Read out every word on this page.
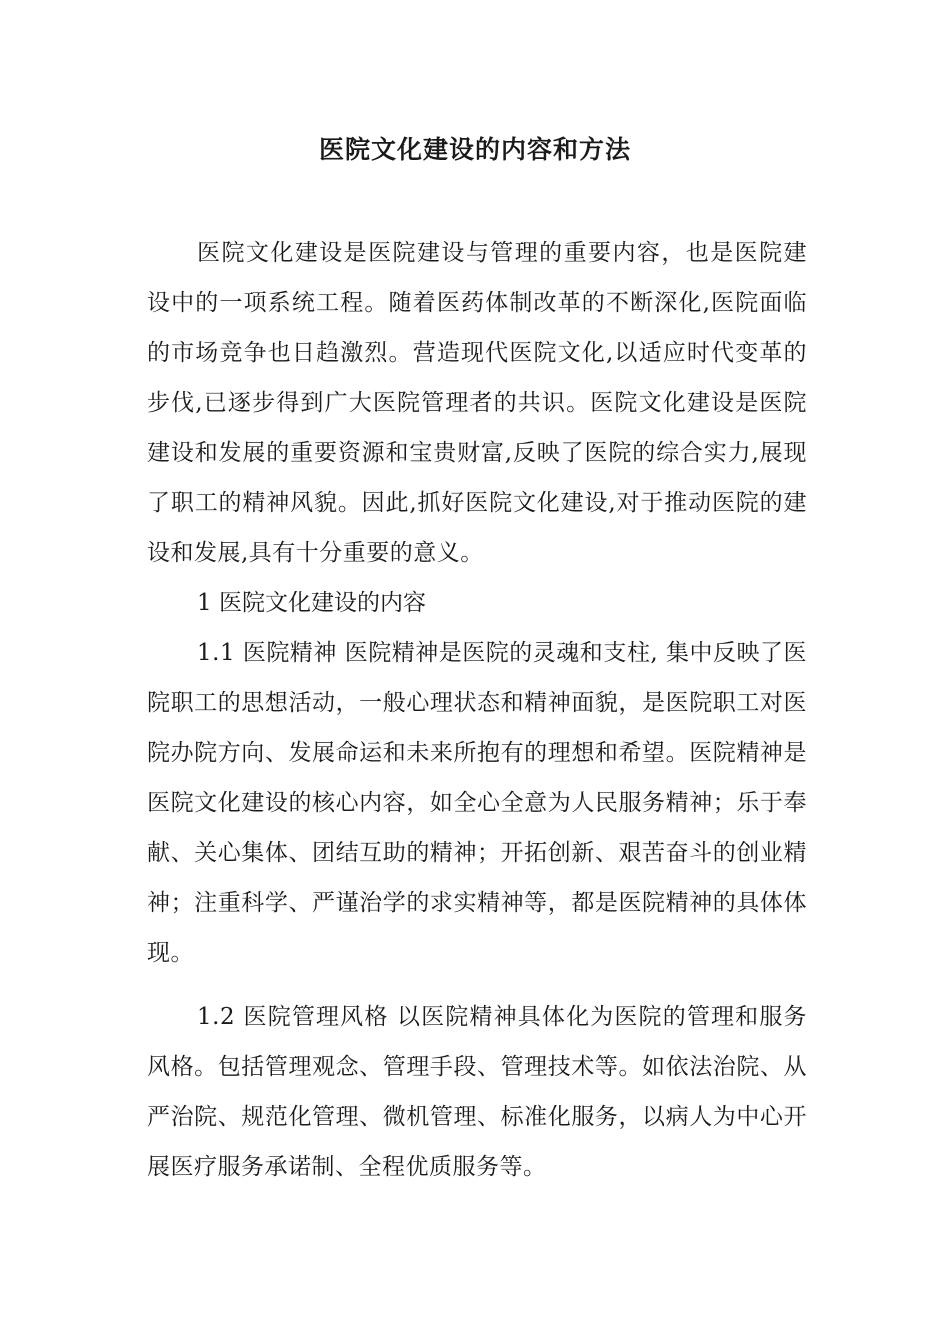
医院文化建设的内容和方法

医院文化建设是医院建设与管理的重要内容，也是医院建设中的一项系统工程。随着医药体制改革的不断深化,医院面临的市场竞争也日趋激烈。营造现代医院文化,以适应时代变革的步伐,已逐步得到广大医院管理者的共识。医院文化建设是医院建设和发展的重要资源和宝贵财富,反映了医院的综合实力,展现了职工的精神风貌。因此,抓好医院文化建设,对于推动医院的建设和发展,具有十分重要的意义。

1 医院文化建设的内容

1.1 医院精神 医院精神是医院的灵魂和支柱, 集中反映了医院职工的思想活动，一般心理状态和精神面貌，是医院职工对医院办院方向、发展命运和未来所抱有的理想和希望。医院精神是医院文化建设的核心内容，如全心全意为人民服务精神；乐于奉献、关心集体、团结互助的精神；开拓创新、艰苦奋斗的创业精神；注重科学、严谨治学的求实精神等，都是医院精神的具体体现。

1.2 医院管理风格 以医院精神具体化为医院的管理和服务风格。包括管理观念、管理手段、管理技术等。如依法治院、从严治院、规范化管理、微机管理、标准化服务，以病人为中心开展医疗服务承诺制、全程优质服务等。
